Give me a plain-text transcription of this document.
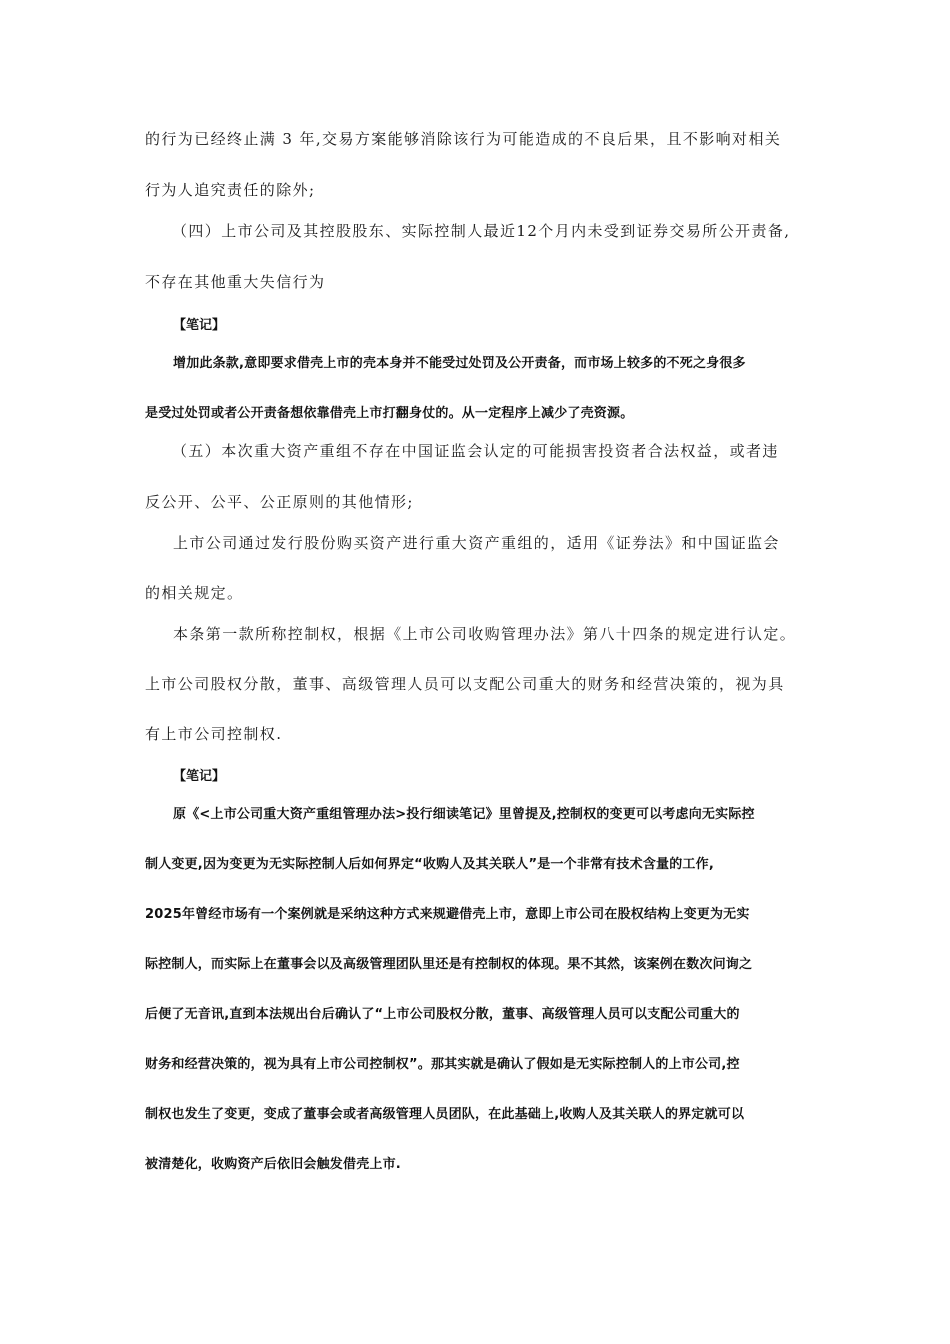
的行为已经终止满 3 年,交易方案能够消除该行为可能造成的不良后果，且不影响对相关
行为人追究责任的除外;
（四）上市公司及其控股股东、实际控制人最近12个月内未受到证券交易所公开责备,
不存在其他重大失信行为
【笔记】
增加此条款,意即要求借壳上市的壳本身并不能受过处罚及公开责备，而市场上较多的不死之身很多
是受过处罚或者公开责备想依靠借壳上市打翻身仗的。从一定程序上减少了壳资源。
（五）本次重大资产重组不存在中国证监会认定的可能损害投资者合法权益，或者违
反公开、公平、公正原则的其他情形;
上市公司通过发行股份购买资产进行重大资产重组的，适用《证券法》和中国证监会
的相关规定。
本条第一款所称控制权，根据《上市公司收购管理办法》第八十四条的规定进行认定。
上市公司股权分散，董事、高级管理人员可以支配公司重大的财务和经营决策的，视为具
有上市公司控制权.
【笔记】
原《<上市公司重大资产重组管理办法>投行细读笔记》里曾提及,控制权的变更可以考虑向无实际控
制人变更,因为变更为无实际控制人后如何界定“收购人及其关联人”是一个非常有技术含量的工作,
2025年曾经市场有一个案例就是采纳这种方式来规避借壳上市，意即上市公司在股权结构上变更为无实
际控制人，而实际上在董事会以及高级管理团队里还是有控制权的体现。果不其然，该案例在数次问询之
后便了无音讯,直到本法规出台后确认了“上市公司股权分散，董事、高级管理人员可以支配公司重大的
财务和经营决策的，视为具有上市公司控制权”。那其实就是确认了假如是无实际控制人的上市公司,控
制权也发生了变更，变成了董事会或者高级管理人员团队，在此基础上,收购人及其关联人的界定就可以
被清楚化，收购资产后依旧会触发借壳上市.
